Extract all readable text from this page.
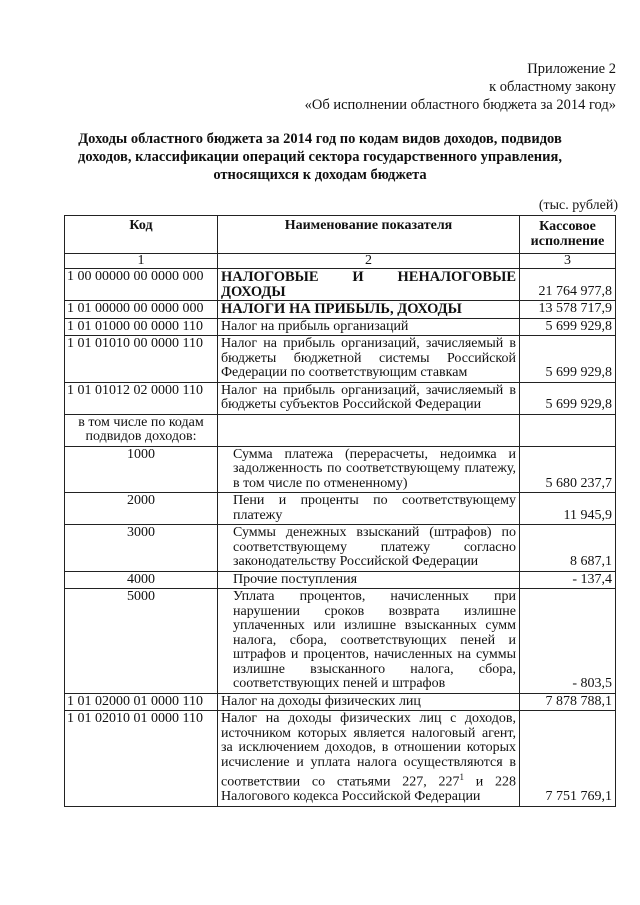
Приложение 2
к областному закону
«Об исполнении областного бюджета за 2014 год»
Доходы областного бюджета за 2014 год по кодам видов доходов, подвидов
доходов, классификации операций сектора государственного управления,
относящихся к доходам бюджета
(тыс. рублей)
Код	Наименование показателя	Кассовое исполнение
1	2	3
1 00 00000 00 0000 000	НАЛОГОВЫЕ И НЕНАЛОГОВЫЕ ДОХОДЫ	21 764 977,8
1 01 00000 00 0000 000	НАЛОГИ НА ПРИБЫЛЬ, ДОХОДЫ	13 578 717,9
1 01 01000 00 0000 110	Налог на прибыль организаций	5 699 929,8
1 01 01010 00 0000 110	Налог на прибыль организаций, зачисляемый в бюджеты бюджетной системы Российской Федерации по соответствующим ставкам	5 699 929,8
1 01 01012 02 0000 110	Налог на прибыль организаций, зачисляемый в бюджеты субъектов Российской Федерации	5 699 929,8
в том числе по кодам подвидов доходов:		
1000	Сумма платежа (перерасчеты, недоимка и задолженность по соответствующему платежу, в том числе по отмененному)	5 680 237,7
2000	Пени и проценты по соответствующему платежу	11 945,9
3000	Суммы денежных взысканий (штрафов) по соответствующему платежу согласно законодательству Российской Федерации	8 687,1
4000	Прочие поступления	- 137,4
5000	Уплата процентов, начисленных при нарушении сроков возврата излишне уплаченных или излишне взысканных сумм налога, сбора, соответствующих пеней и штрафов и процентов, начисленных на суммы излишне взысканного налога, сбора, соответствующих пеней и штрафов	- 803,5
1 01 02000 01 0000 110	Налог на доходы физических лиц	7 878 788,1
1 01 02010 01 0000 110	Налог на доходы физических лиц с доходов, источником которых является налоговый агент, за исключением доходов, в отношении которых исчисление и уплата налога осуществляются в соответствии со статьями 227, $227^1$ и 228 Налогового кодекса Российской Федерации	7 751 769,1
